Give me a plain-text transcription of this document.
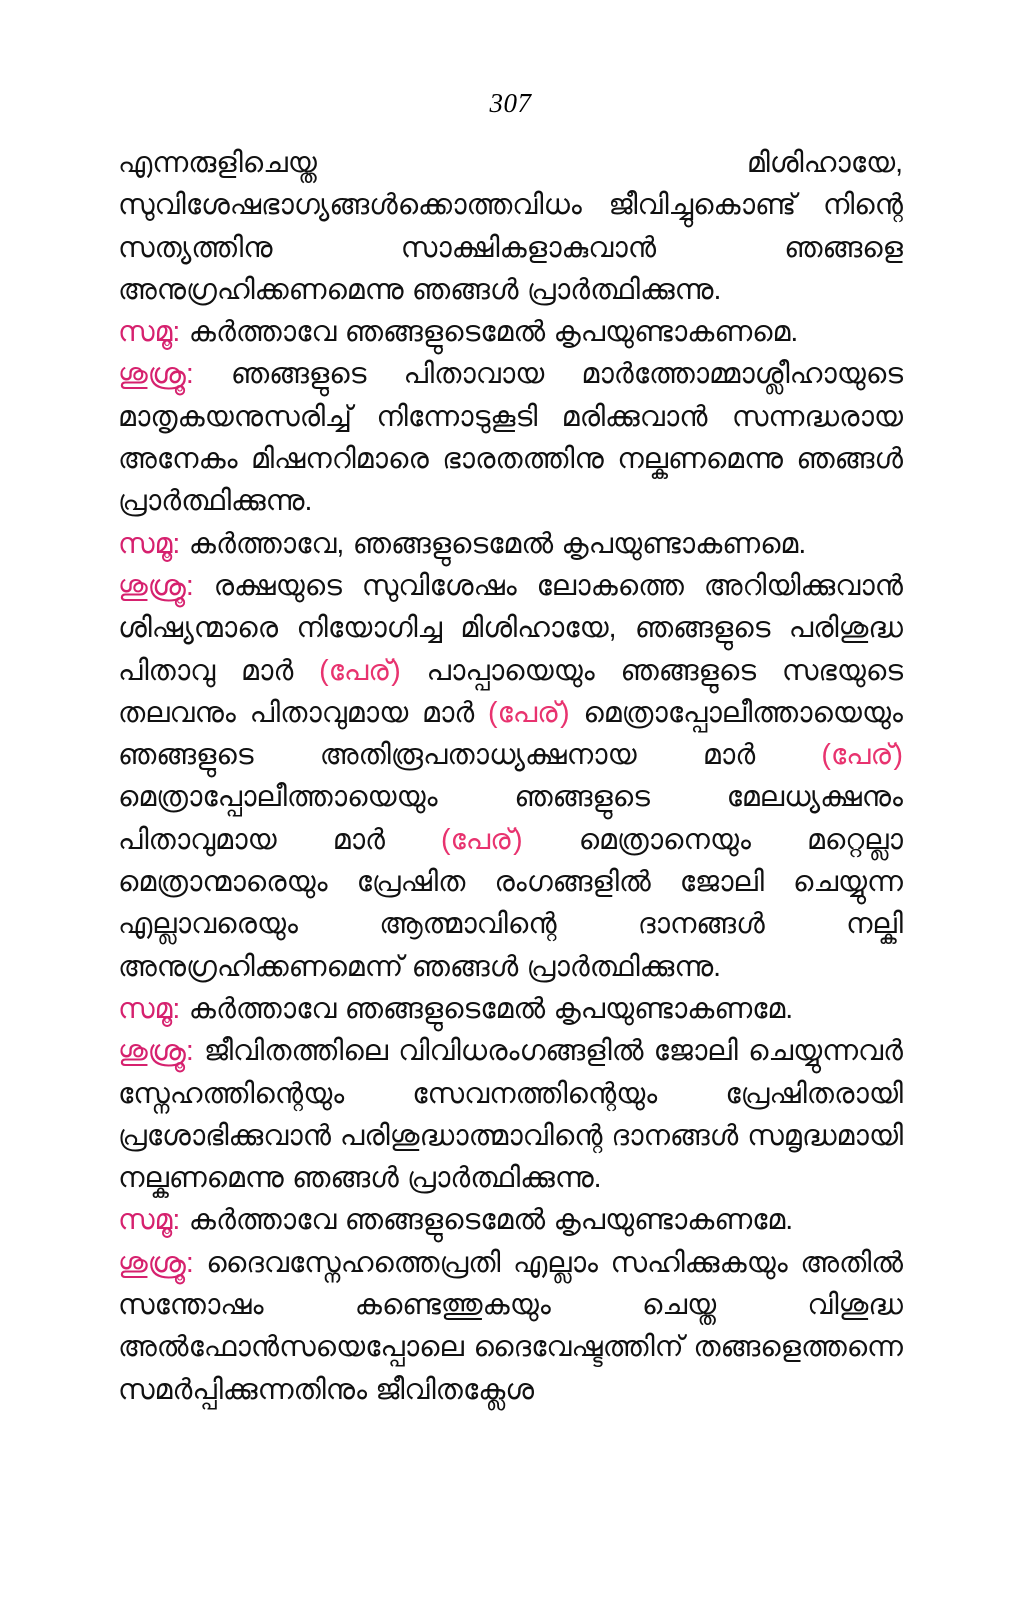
307

എന്നരുളിചെയ്ത മിശിഹായേ, സുവിശേഷഭാഗ്യങ്ങൾക്കൊത്തവിധം ജീവിച്ചുകൊണ്ട് നിന്റെ സത്യത്തിനു സാക്ഷികളാകുവാൻ ഞങ്ങളെ അനുഗ്രഹിക്കണമെന്നു ഞങ്ങൾ പ്രാർത്ഥിക്കുന്നു.

സമൂ: കർത്താവേ ഞങ്ങളുടെമേൽ കൃപയുണ്ടാകണമെ.

ശുശ്രൂ: ഞങ്ങളുടെ പിതാവായ മാർത്തോമ്മാശ്ലീഹായുടെ മാതൃകയനുസരിച്ച് നിന്നോടുകൂടി മരിക്കുവാൻ സന്നദ്ധരായ അനേകം മിഷനറിമാരെ ഭാരതത്തിനു നല്കണമെന്നു ഞങ്ങൾ പ്രാർത്ഥിക്കുന്നു.

സമൂ: കർത്താവേ, ഞങ്ങളുടെമേൽ കൃപയുണ്ടാകണമെ.

ശുശ്രൂ: രക്ഷയുടെ സുവിശേഷം ലോകത്തെ അറിയിക്കുവാൻ ശിഷ്യന്മാരെ നിയോഗിച്ച മിശിഹായേ, ഞങ്ങളുടെ പരിശുദ്ധ പിതാവു മാർ (പേര്) പാപ്പായെയും ഞങ്ങളുടെ സഭയുടെ തലവനും പിതാവുമായ മാർ (പേര്) മെത്രാപ്പോലീത്തായെയും ഞങ്ങളുടെ അതിരൂപതാധ്യക്ഷനായ മാർ (പേര്) മെത്രാപ്പോലീത്തായെയും ഞങ്ങളുടെ മേലധ്യക്ഷനും പിതാവുമായ മാർ (പേര്) മെത്രാനെയും മറ്റെല്ലാ മെത്രാന്മാരെയും പ്രേഷിത രംഗങ്ങളിൽ ജോലി ചെയ്യുന്ന എല്ലാവരെയും ആത്മാവിന്റെ ദാനങ്ങൾ നല്കി അനുഗ്രഹിക്കണമെന്ന് ഞങ്ങൾ പ്രാർത്ഥിക്കുന്നു.

സമൂ: കർത്താവേ ഞങ്ങളുടെമേൽ കൃപയുണ്ടാകണമേ.

ശുശ്രൂ: ജീവിതത്തിലെ വിവിധരംഗങ്ങളിൽ ജോലി ചെയ്യുന്നവർ സ്നേഹത്തിന്റെയും സേവനത്തിന്റെയും പ്രേഷിതരായി പ്രശോഭിക്കുവാൻ പരിശുദ്ധാത്മാവിന്റെ ദാനങ്ങൾ സമൃദ്ധമായി നല്കണമെന്നു ഞങ്ങൾ പ്രാർത്ഥിക്കുന്നു.

സമൂ: കർത്താവേ ഞങ്ങളുടെമേൽ കൃപയുണ്ടാകണമേ.

ശുശ്രൂ: ദൈവസ്നേഹത്തെപ്രതി എല്ലാം സഹിക്കുകയും അതിൽ സന്തോഷം കണ്ടെത്തുകയും ചെയ്ത വിശുദ്ധ അൽഫോൻസയെപ്പോലെ ദൈവേഷ്ടത്തിന് തങ്ങളെത്തന്നെ സമർപ്പിക്കുന്നതിനും ജീവിതക്ലേശ
